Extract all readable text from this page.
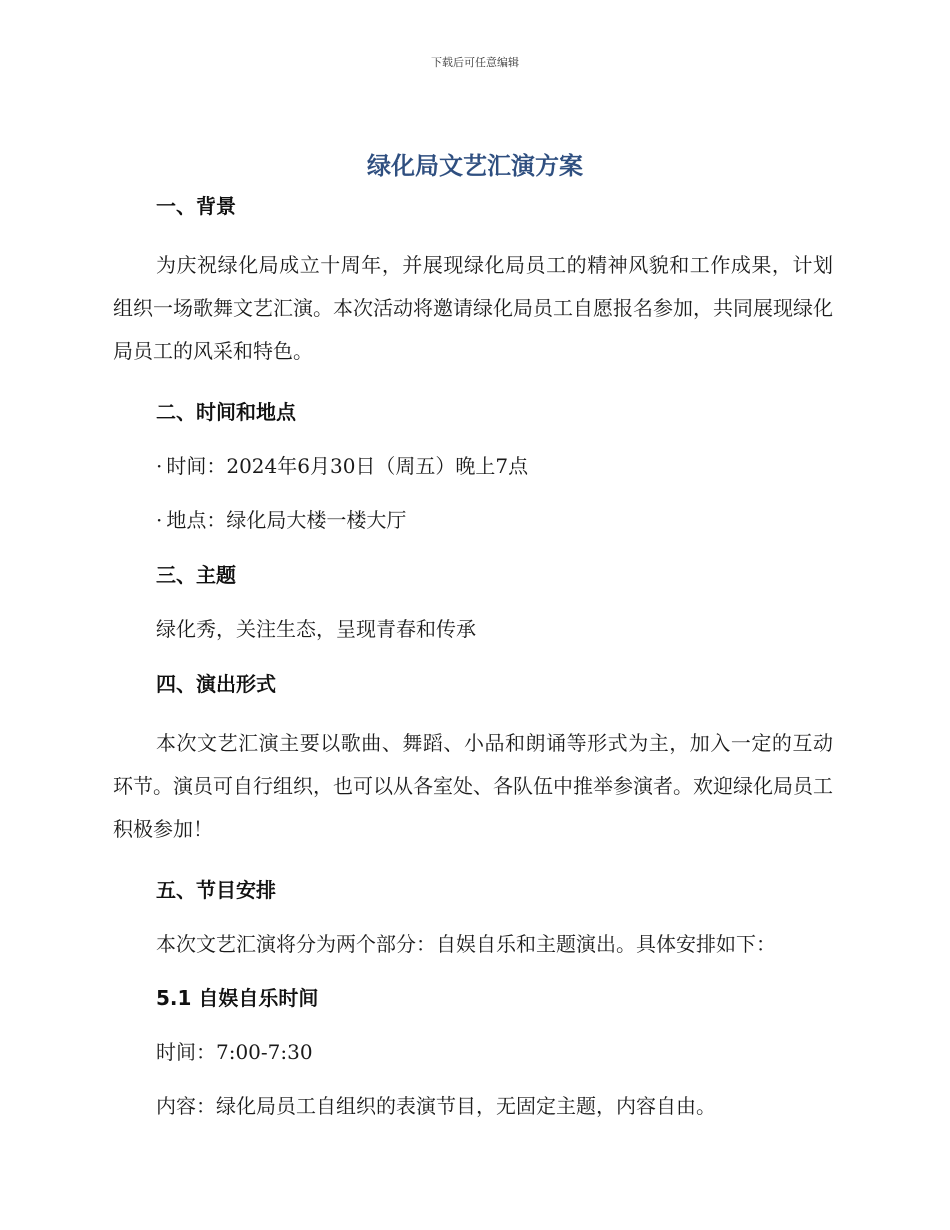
下载后可任意编辑
绿化局文艺汇演方案
一、背景

为庆祝绿化局成立十周年，并展现绿化局员工的精神风貌和工作成果，计划组织一场歌舞文艺汇演。本次活动将邀请绿化局员工自愿报名参加，共同展现绿化局员工的风采和特色。

二、时间和地点

· 时间：2024年6月30日（周五）晚上7点

· 地点：绿化局大楼一楼大厅

三、主题

绿化秀，关注生态，呈现青春和传承

四、演出形式

本次文艺汇演主要以歌曲、舞蹈、小品和朗诵等形式为主，加入一定的互动环节。演员可自行组织，也可以从各室处、各队伍中推举参演者。欢迎绿化局员工积极参加！

五、节目安排

本次文艺汇演将分为两个部分：自娱自乐和主题演出。具体安排如下：

5.1 自娱自乐时间

时间：7:00-7:30

内容：绿化局员工自组织的表演节目，无固定主题，内容自由。
